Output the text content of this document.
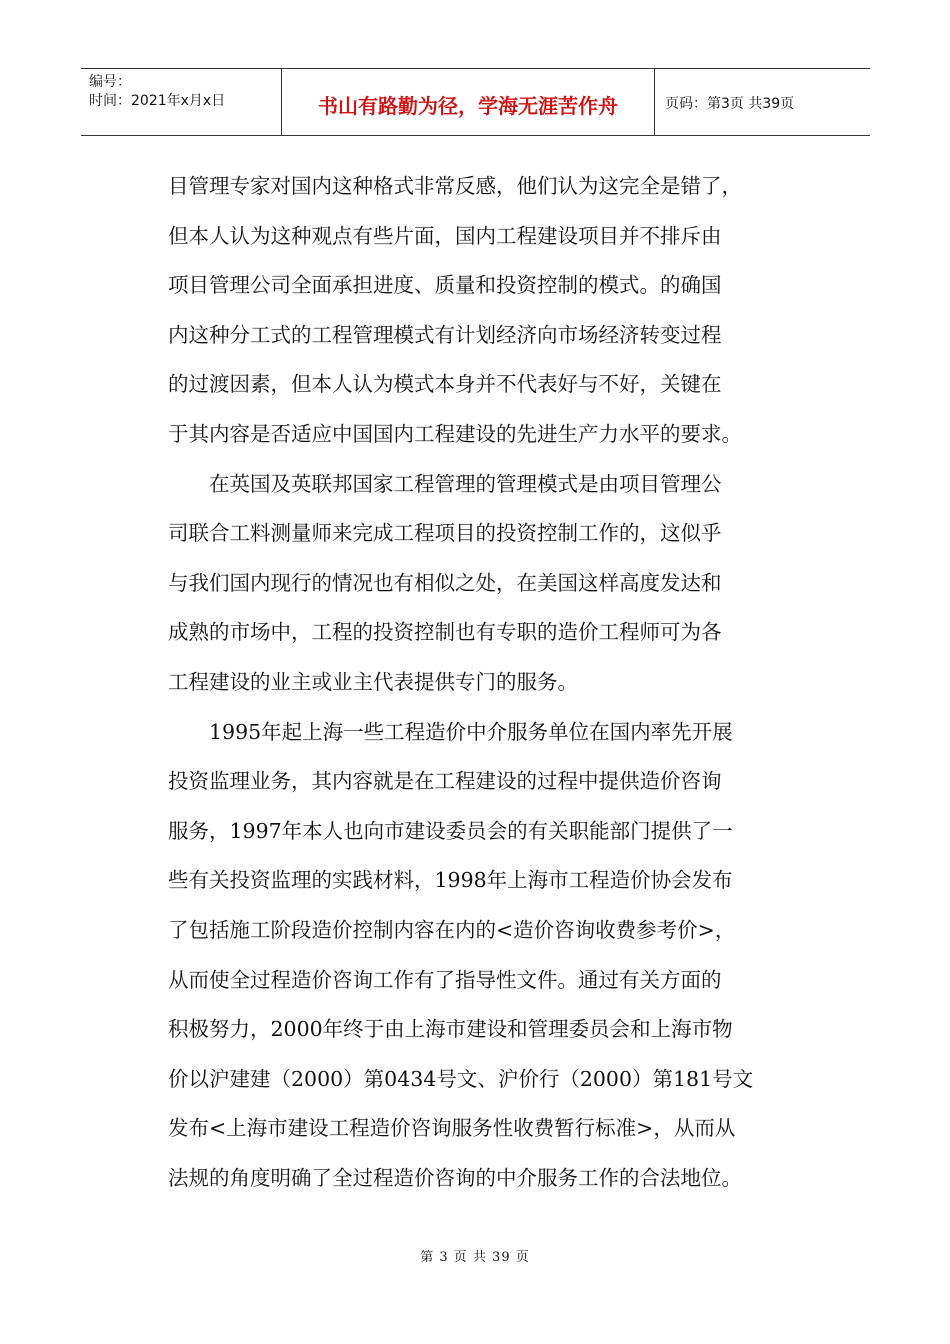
编号：
时间：2021年x月x日	书山有路勤为径，学海无涯苦作舟	页码：第3页 共39页
目管理专家对国内这种格式非常反感，他们认为这完全是错了，
但本人认为这种观点有些片面，国内工程建设项目并不排斥由
项目管理公司全面承担进度、质量和投资控制的模式。的确国
内这种分工式的工程管理模式有计划经济向市场经济转变过程
的过渡因素，但本人认为模式本身并不代表好与不好，关键在
于其内容是否适应中国国内工程建设的先进生产力水平的要求。
　　在英国及英联邦国家工程管理的管理模式是由项目管理公
司联合工料测量师来完成工程项目的投资控制工作的，这似乎
与我们国内现行的情况也有相似之处，在美国这样高度发达和
成熟的市场中，工程的投资控制也有专职的造价工程师可为各
工程建设的业主或业主代表提供专门的服务。
　　1995年起上海一些工程造价中介服务单位在国内率先开展
投资监理业务，其内容就是在工程建设的过程中提供造价咨询
服务，1997年本人也向市建设委员会的有关职能部门提供了一
些有关投资监理的实践材料，1998年上海市工程造价协会发布
了包括施工阶段造价控制内容在内的<造价咨询收费参考价>，
从而使全过程造价咨询工作有了指导性文件。通过有关方面的
积极努力，2000年终于由上海市建设和管理委员会和上海市物
价以沪建建（2000）第0434号文、沪价行（2000）第181号文
发布<上海市建设工程造价咨询服务性收费暂行标准>，从而从
法规的角度明确了全过程造价咨询的中介服务工作的合法地位。
第 3 页 共 39 页
